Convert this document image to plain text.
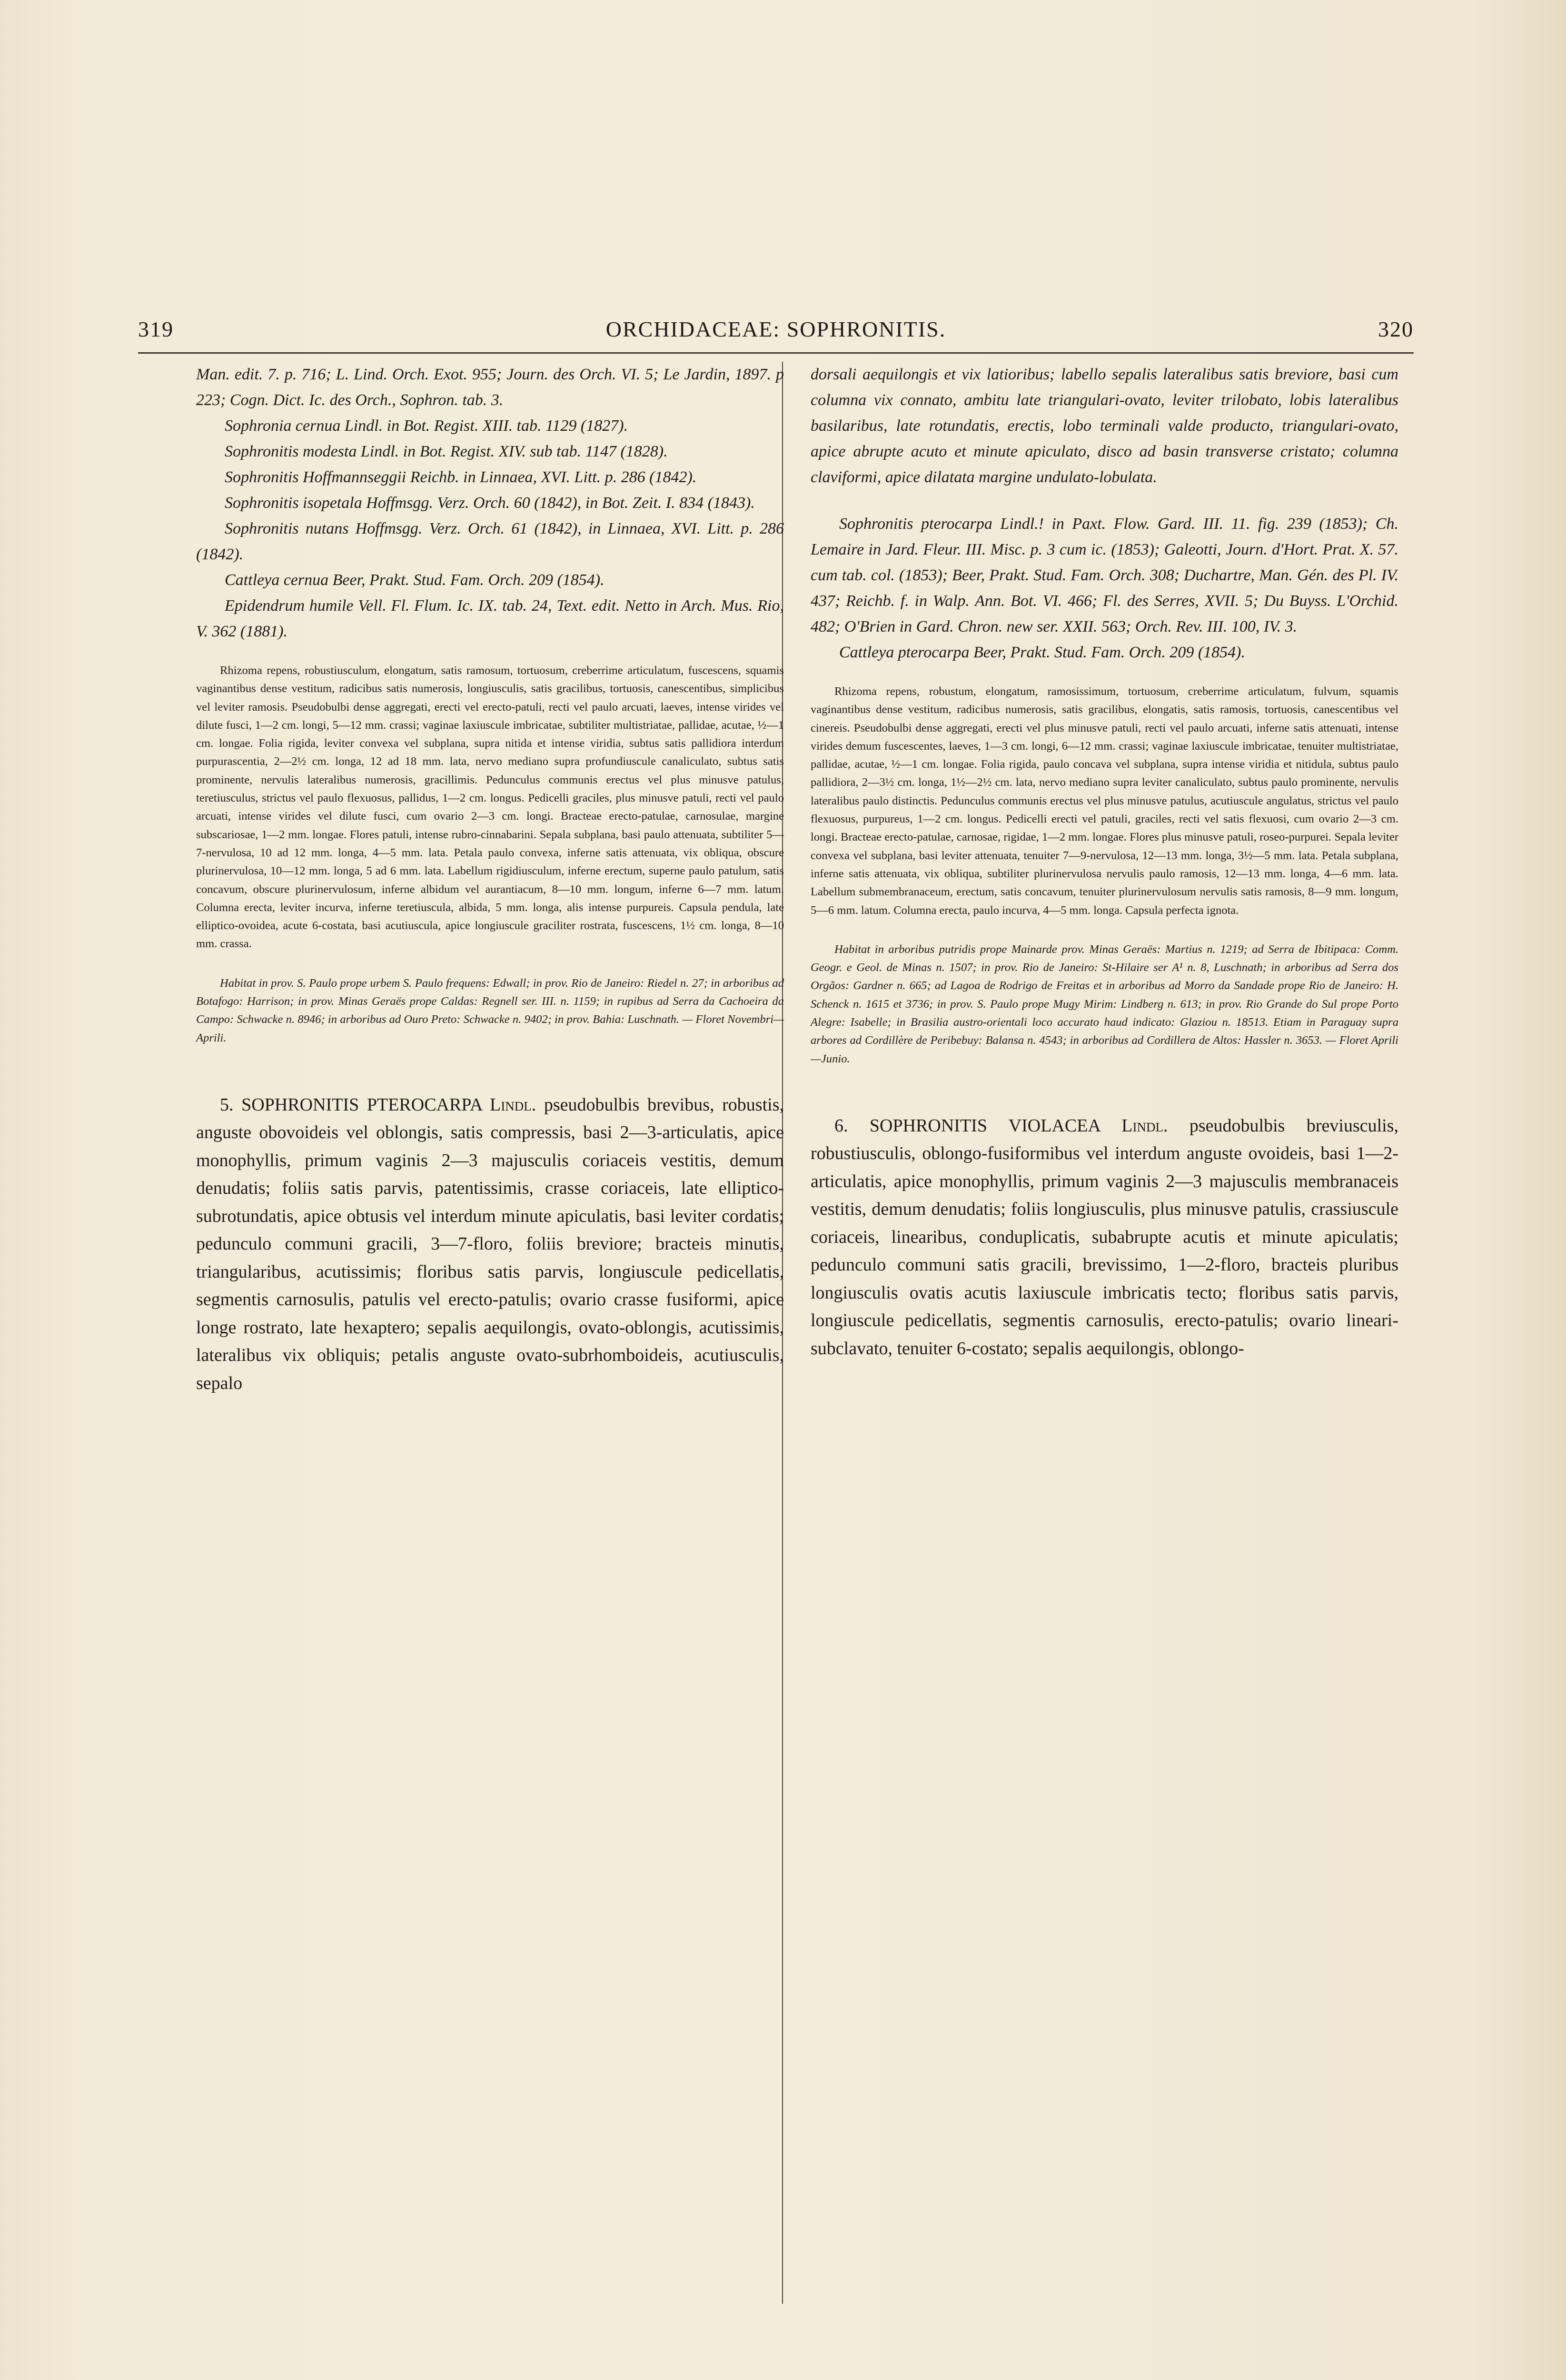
319	ORCHIDACEAE: SOPHRONITIS.	320

Man. edit. 7. p. 716; L. Lind. Orch. Exot. 955; Journ. des Orch. VI. 5; Le Jardin, 1897. p 223; Cogn. Dict. Ic. des Orch., Sophron. tab. 3.

Sophronia cernua Lindl. in Bot. Regist. XIII. tab. 1129 (1827).

Sophronitis modesta Lindl. in Bot. Regist. XIV. sub tab. 1147 (1828).

Sophronitis Hoffmannseggii Reichb. in Linnaea, XVI. Litt. p. 286 (1842).

Sophronitis isopetala Hoffmsgg. Verz. Orch. 60 (1842), in Bot. Zeit. I. 834 (1843).

Sophronitis nutans Hoffmsgg. Verz. Orch. 61 (1842), in Linnaea, XVI. Litt. p. 286 (1842).

Cattleya cernua Beer, Prakt. Stud. Fam. Orch. 209 (1854).

Epidendrum humile Vell. Fl. Flum. Ic. IX. tab. 24, Text. edit. Netto in Arch. Mus. Rio, V. 362 (1881).

Rhizoma repens, robustiusculum, elongatum, satis ramosum, tortuosum, creberrime articulatum, fuscescens, squamis vaginantibus dense vestitum, radicibus satis numerosis, longiusculis, satis gracilibus, tortuosis, canescentibus, simplicibus vel leviter ramosis. Pseudobulbi dense aggregati, erecti vel erecto-patuli, recti vel paulo arcuati, laeves, intense virides vel dilute fusci, 1—2 cm. longi, 5—12 mm. crassi; vaginae laxiuscule imbricatae, subtiliter multistriatae, pallidae, acutae, ½—1 cm. longae. Folia rigida, leviter convexa vel subplana, supra nitida et intense viridia, subtus satis pallidiora interdum purpurascentia, 2—2½ cm. longa, 12 ad 18 mm. lata, nervo mediano supra profundiuscule canaliculato, subtus satis prominente, nervulis lateralibus numerosis, gracillimis. Pedunculus communis erectus vel plus minusve patulus, teretiusculus, strictus vel paulo flexuosus, pallidus, 1—2 cm. longus. Pedicelli graciles, plus minusve patuli, recti vel paulo arcuati, intense virides vel dilute fusci, cum ovario 2—3 cm. longi. Bracteae erecto-patulae, carnosulae, margine subscariosae, 1—2 mm. longae. Flores patuli, intense rubro-cinnabarini. Sepala subplana, basi paulo attenuata, subtiliter 5—7-nervulosa, 10 ad 12 mm. longa, 4—5 mm. lata. Petala paulo convexa, inferne satis attenuata, vix obliqua, obscure plurinervulosa, 10—12 mm. longa, 5 ad 6 mm. lata. Labellum rigidiusculum, inferne erectum, superne paulo patulum, satis concavum, obscure plurinervulosum, inferne albidum vel aurantiacum, 8—10 mm. longum, inferne 6—7 mm. latum. Columna erecta, leviter incurva, inferne teretiuscula, albida, 5 mm. longa, alis intense purpureis. Capsula pendula, late elliptico-ovoidea, acute 6-costata, basi acutiuscula, apice longiuscule graciliter rostrata, fuscescens, 1½ cm. longa, 8—10 mm. crassa.

Habitat in prov. S. Paulo prope urbem S. Paulo frequens: Edwall; in prov. Rio de Janeiro: Riedel n. 27; in arboribus ad Botafogo: Harrison; in prov. Minas Geraës prope Caldas: Regnell ser. III. n. 1159; in rupibus ad Serra da Cachoeira da Campo: Schwacke n. 8946; in arboribus ad Ouro Preto: Schwacke n. 9402; in prov. Bahia: Luschnath. — Floret Novembri—Aprili.

5. SOPHRONITIS PTEROCARPA Lindl. pseudobulbis brevibus, robustis, anguste obovoideis vel oblongis, satis compressis, basi 2—3-articulatis, apice monophyllis, primum vaginis 2—3 majusculis coriaceis vestitis, demum denudatis; foliis satis parvis, patentissimis, crasse coriaceis, late elliptico-subrotundatis, apice obtusis vel interdum minute apiculatis, basi leviter cordatis; pedunculo communi gracili, 3—7-floro, foliis breviore; bracteis minutis, triangularibus, acutissimis; floribus satis parvis, longiuscule pedicellatis, segmentis carnosulis, patulis vel erecto-patulis; ovario crasse fusiformi, apice longe rostrato, late hexaptero; sepalis aequilongis, ovato-oblongis, acutissimis, lateralibus vix obliquis; petalis anguste ovato-subrhomboideis, acutiusculis, sepalo

dorsali aequilongis et vix latioribus; labello sepalis lateralibus satis breviore, basi cum columna vix connato, ambitu late triangulari-ovato, leviter trilobato, lobis lateralibus basilaribus, late rotundatis, erectis, lobo terminali valde producto, triangulari-ovato, apice abrupte acuto et minute apiculato, disco ad basin transverse cristato; columna claviformi, apice dilatata margine undulato-lobulata.

Sophronitis pterocarpa Lindl.! in Paxt. Flow. Gard. III. 11. fig. 239 (1853); Ch. Lemaire in Jard. Fleur. III. Misc. p. 3 cum ic. (1853); Galeotti, Journ. d'Hort. Prat. X. 57. cum tab. col. (1853); Beer, Prakt. Stud. Fam. Orch. 308; Duchartre, Man. Gén. des Pl. IV. 437; Reichb. f. in Walp. Ann. Bot. VI. 466; Fl. des Serres, XVII. 5; Du Buyss. L'Orchid. 482; O'Brien in Gard. Chron. new ser. XXII. 563; Orch. Rev. III. 100, IV. 3.

Cattleya pterocarpa Beer, Prakt. Stud. Fam. Orch. 209 (1854).

Rhizoma repens, robustum, elongatum, ramosissimum, tortuosum, creberrime articulatum, fulvum, squamis vaginantibus dense vestitum, radicibus numerosis, satis gracilibus, elongatis, satis ramosis, tortuosis, canescentibus vel cinereis. Pseudobulbi dense aggregati, erecti vel plus minusve patuli, recti vel paulo arcuati, inferne satis attenuati, intense virides demum fuscescentes, laeves, 1—3 cm. longi, 6—12 mm. crassi; vaginae laxiuscule imbricatae, tenuiter multistriatae, pallidae, acutae, ½—1 cm. longae. Folia rigida, paulo concava vel subplana, supra intense viridia et nitidula, subtus paulo pallidiora, 2—3½ cm. longa, 1½—2½ cm. lata, nervo mediano supra leviter canaliculato, subtus paulo prominente, nervulis lateralibus paulo distinctis. Pedunculus communis erectus vel plus minusve patulus, acutiuscule angulatus, strictus vel paulo flexuosus, purpureus, 1—2 cm. longus. Pedicelli erecti vel patuli, graciles, recti vel satis flexuosi, cum ovario 2—3 cm. longi. Bracteae erecto-patulae, carnosae, rigidae, 1—2 mm. longae. Flores plus minusve patuli, roseo-purpurei. Sepala leviter convexa vel subplana, basi leviter attenuata, tenuiter 7—9-nervulosa, 12—13 mm. longa, 3½—5 mm. lata. Petala subplana, inferne satis attenuata, vix obliqua, subtiliter plurinervulosa nervulis paulo ramosis, 12—13 mm. longa, 4—6 mm. lata. Labellum submembranaceum, erectum, satis concavum, tenuiter plurinervulosum nervulis satis ramosis, 8—9 mm. longum, 5—6 mm. latum. Columna erecta, paulo incurva, 4—5 mm. longa. Capsula perfecta ignota.

Habitat in arboribus putridis prope Mainarde prov. Minas Geraës: Martius n. 1219; ad Serra de Ibitipaca: Comm. Geogr. e Geol. de Minas n. 1507; in prov. Rio de Janeiro: St-Hilaire ser A¹ n. 8, Luschnath; in arboribus ad Serra dos Orgãos: Gardner n. 665; ad Lagoa de Rodrigo de Freitas et in arboribus ad Morro da Sandade prope Rio de Janeiro: H. Schenck n. 1615 et 3736; in prov. S. Paulo prope Mugy Mirim: Lindberg n. 613; in prov. Rio Grande do Sul prope Porto Alegre: Isabelle; in Brasilia austro-orientali loco accurato haud indicato: Glaziou n. 18513. Etiam in Paraguay supra arbores ad Cordillère de Peribebuy: Balansa n. 4543; in arboribus ad Cordillera de Altos: Hassler n. 3653. — Floret Aprili—Junio.

6. SOPHRONITIS VIOLACEA Lindl. pseudobulbis breviusculis, robustiusculis, oblongo-fusiformibus vel interdum anguste ovoideis, basi 1—2-articulatis, apice monophyllis, primum vaginis 2—3 majusculis membranaceis vestitis, demum denudatis; foliis longiusculis, plus minusve patulis, crassiuscule coriaceis, linearibus, conduplicatis, subabrupte acutis et minute apiculatis; pedunculo communi satis gracili, brevissimo, 1—2-floro, bracteis pluribus longiusculis ovatis acutis laxiuscule imbricatis tecto; floribus satis parvis, longiuscule pedicellatis, segmentis carnosulis, erecto-patulis; ovario lineari-subclavato, tenuiter 6-costato; sepalis aequilongis, oblongo-
